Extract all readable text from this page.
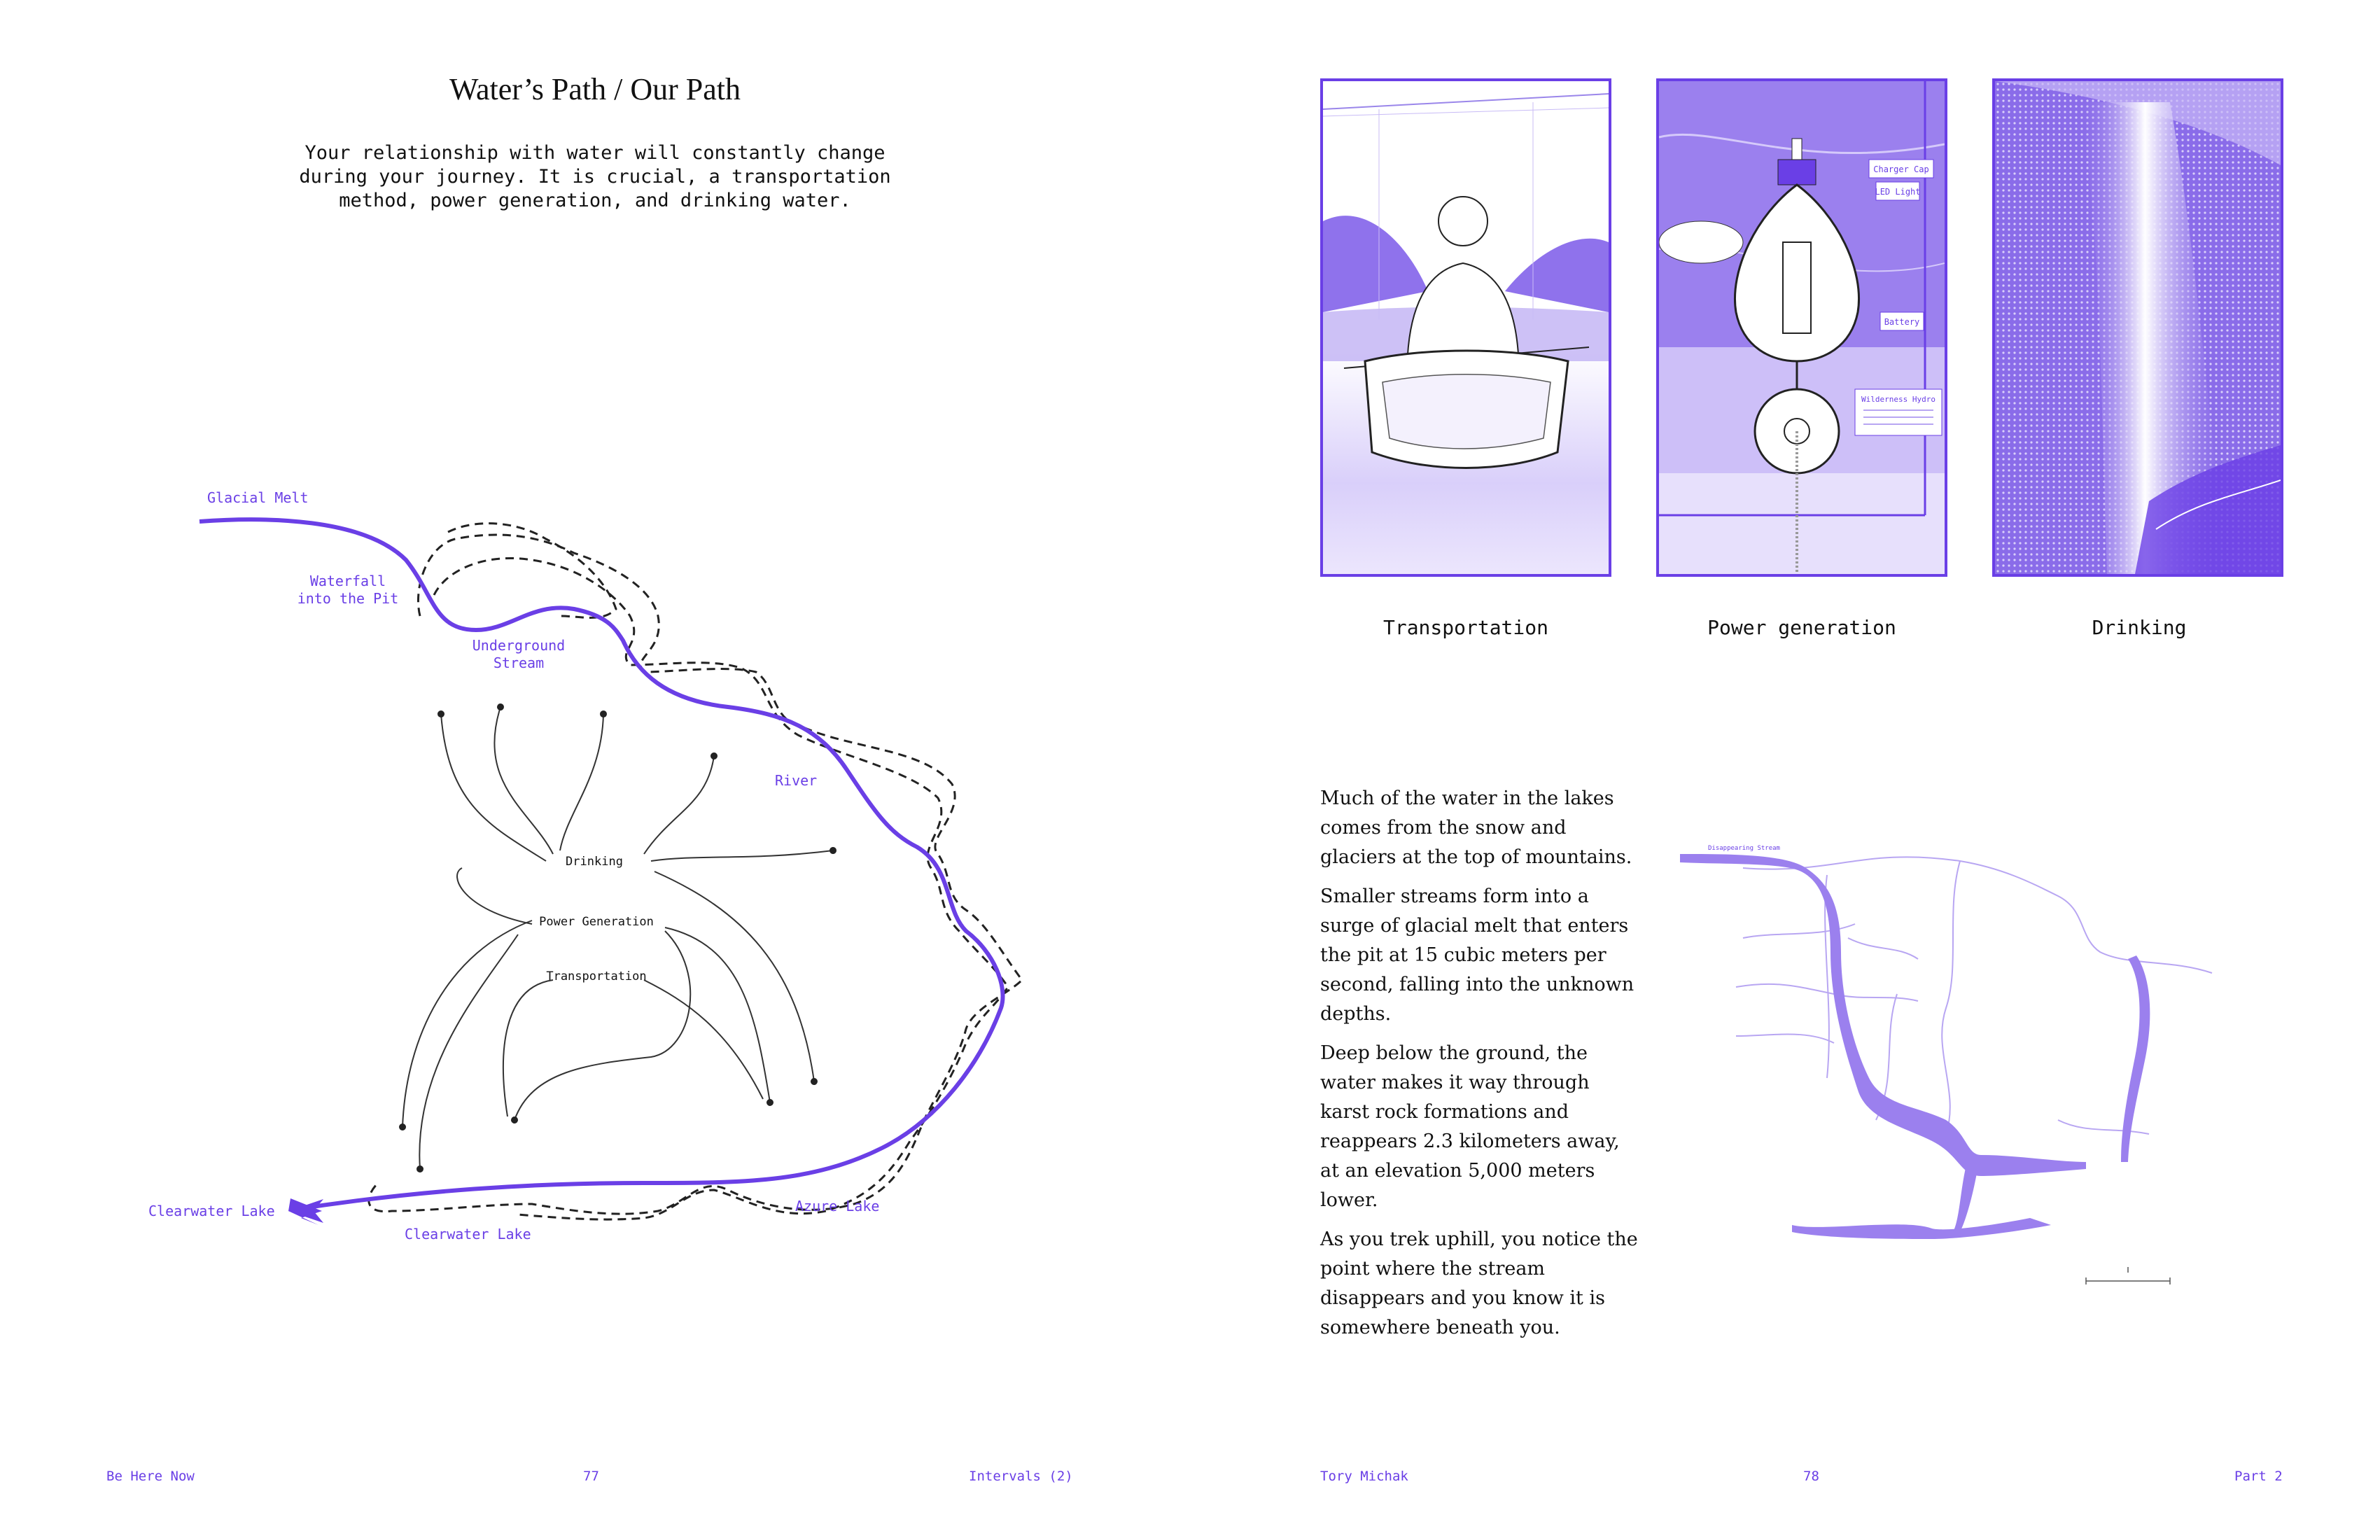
Water’s Path / Our Path
Your relationship with water will constantly change
during your journey. It is crucial, a transportation
method, power generation, and drinking water.
Glacial Melt
Waterfall
into the Pit
Underground
Stream
River
Clearwater Lake
Clearwater Lake
Azure Lake
Drinking
Power Generation
Transportation
Be Here Now	77	Intervals (2)
Charger Cap
LED Light
Battery
Wilderness Hydro
Transportation	Power generation	Drinking

Much of the water in the lakes comes from the snow and glaciers at the top of mountains.

Smaller streams form into a surge of glacial melt that enters the pit at 15 cubic meters per second, falling into the unknown depths.

Deep below the ground, the water makes it way through karst rock formations and reappears 2.3 kilometers away, at an elevation 5,000 meters lower.

As you trek uphill, you notice the point where the stream disappears and you know it is somewhere beneath you.

Disappearing Stream
Tory Michak	78	Part 2
